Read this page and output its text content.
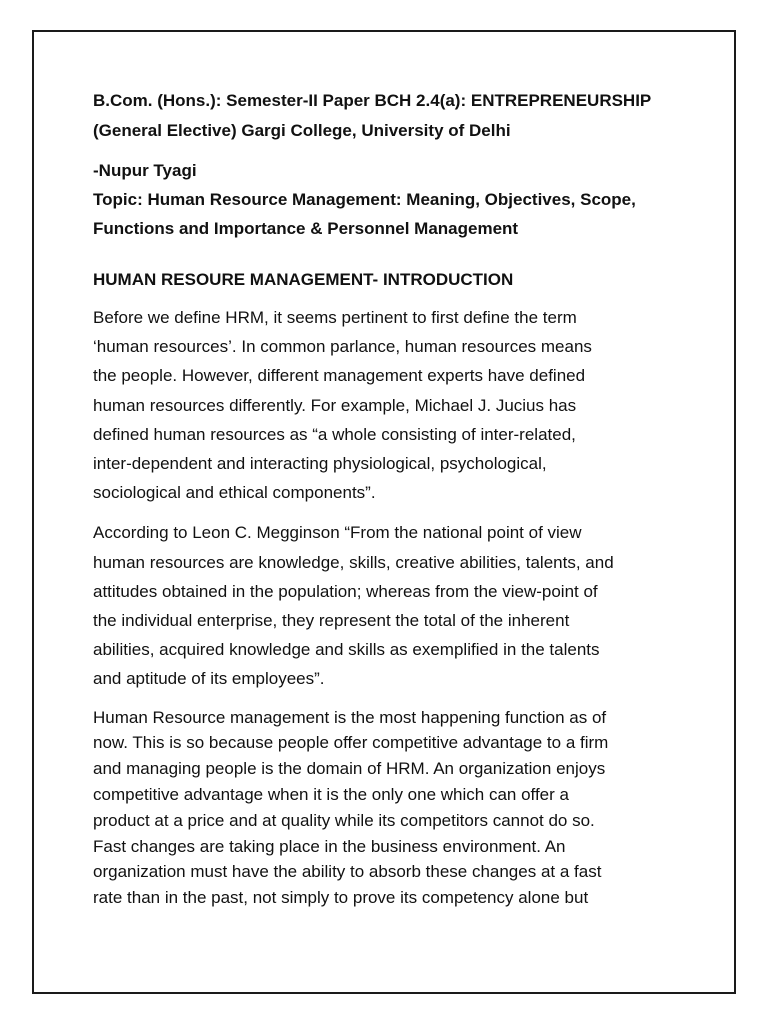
B.Com. (Hons.): Semester-II Paper BCH 2.4(a): ENTREPRENEURSHIP

(General Elective) Gargi College, University of Delhi

-Nupur Tyagi

Topic: Human Resource Management: Meaning, Objectives, Scope,

Functions and Importance & Personnel Management

HUMAN RESOURE MANAGEMENT- INTRODUCTION

Before we define HRM, it seems pertinent to first define the term

‘human resources’. In common parlance, human resources means

the people. However, different management experts have defined

human resources differently. For example, Michael J. Jucius has

defined human resources as “a whole consisting of inter-related,

inter-dependent and interacting physiological, psychological,

sociological and ethical components”.

According to Leon C. Megginson “From the national point of view

human resources are knowledge, skills, creative abilities, talents, and

attitudes obtained in the population; whereas from the view-point of

the individual enterprise, they represent the total of the inherent

abilities, acquired knowledge and skills as exemplified in the talents

and aptitude of its employees”.

Human Resource management is the most happening function as of

now. This is so because people offer competitive advantage to a firm

and managing people is the domain of HRM. An organization enjoys

competitive advantage when it is the only one which can offer a

product at a price and at quality while its competitors cannot do so.

Fast changes are taking place in the business environment. An

organization must have the ability to absorb these changes at a fast

rate than in the past, not simply to prove its competency alone but
